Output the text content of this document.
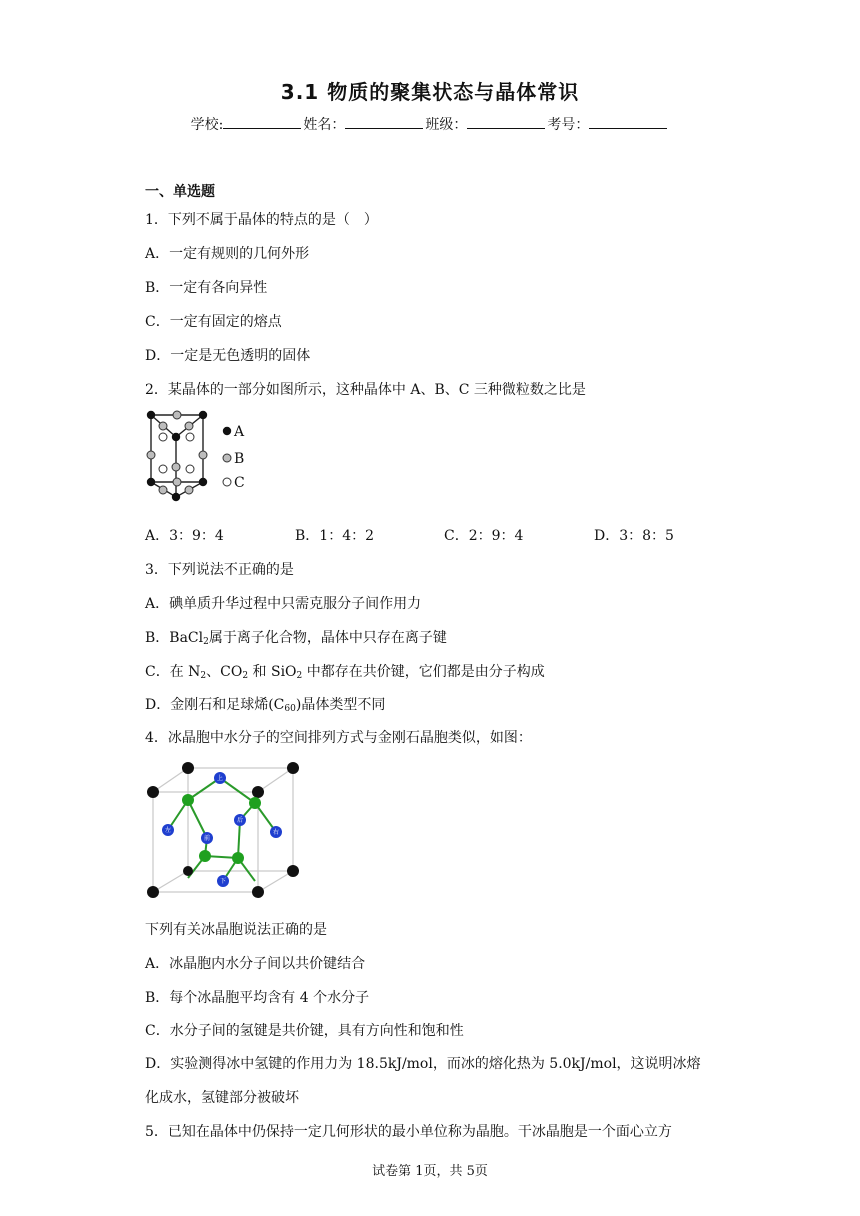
3.1 物质的聚集状态与晶体常识
学校:	姓名：	班级：	考号：
一、单选题
1．下列不属于晶体的特点的是（　）
A．一定有规则的几何外形
B．一定有各向异性
C．一定有固定的熔点
D．一定是无色透明的固体
2．某晶体的一部分如图所示，这种晶体中 A、B、C 三种微粒数之比是
A
B
C
A．3：9：4	B．1：4：2	C．2：9：4	D．3：8：5
3．下列说法不正确的是
A．碘单质升华过程中只需克服分子间作用力
B．BaCl$_2$属于离子化合物，晶体中只存在离子键
C．在 $N_2$、$CO_2$ 和 SiO$_2$ 中都存在共价键，它们都是由分子构成
D．金刚石和足球烯$(C_{60})$晶体类型不同
4．冰晶胞中水分子的空间排列方式与金刚石晶胞类似，如图：
上
左
前
后
右
下
下列有关冰晶胞说法正确的是
A．冰晶胞内水分子间以共价键结合
B．每个冰晶胞平均含有 4 个水分子
C．水分子间的氢键是共价键，具有方向性和饱和性
D．实验测得冰中氢键的作用力为 18.5kJ/mol，而冰的熔化热为 5.0kJ/mol，这说明冰熔
化成水，氢键部分被破坏
5．已知在晶体中仍保持一定几何形状的最小单位称为晶胞。干冰晶胞是一个面心立方
试卷第 1页，共 5页
